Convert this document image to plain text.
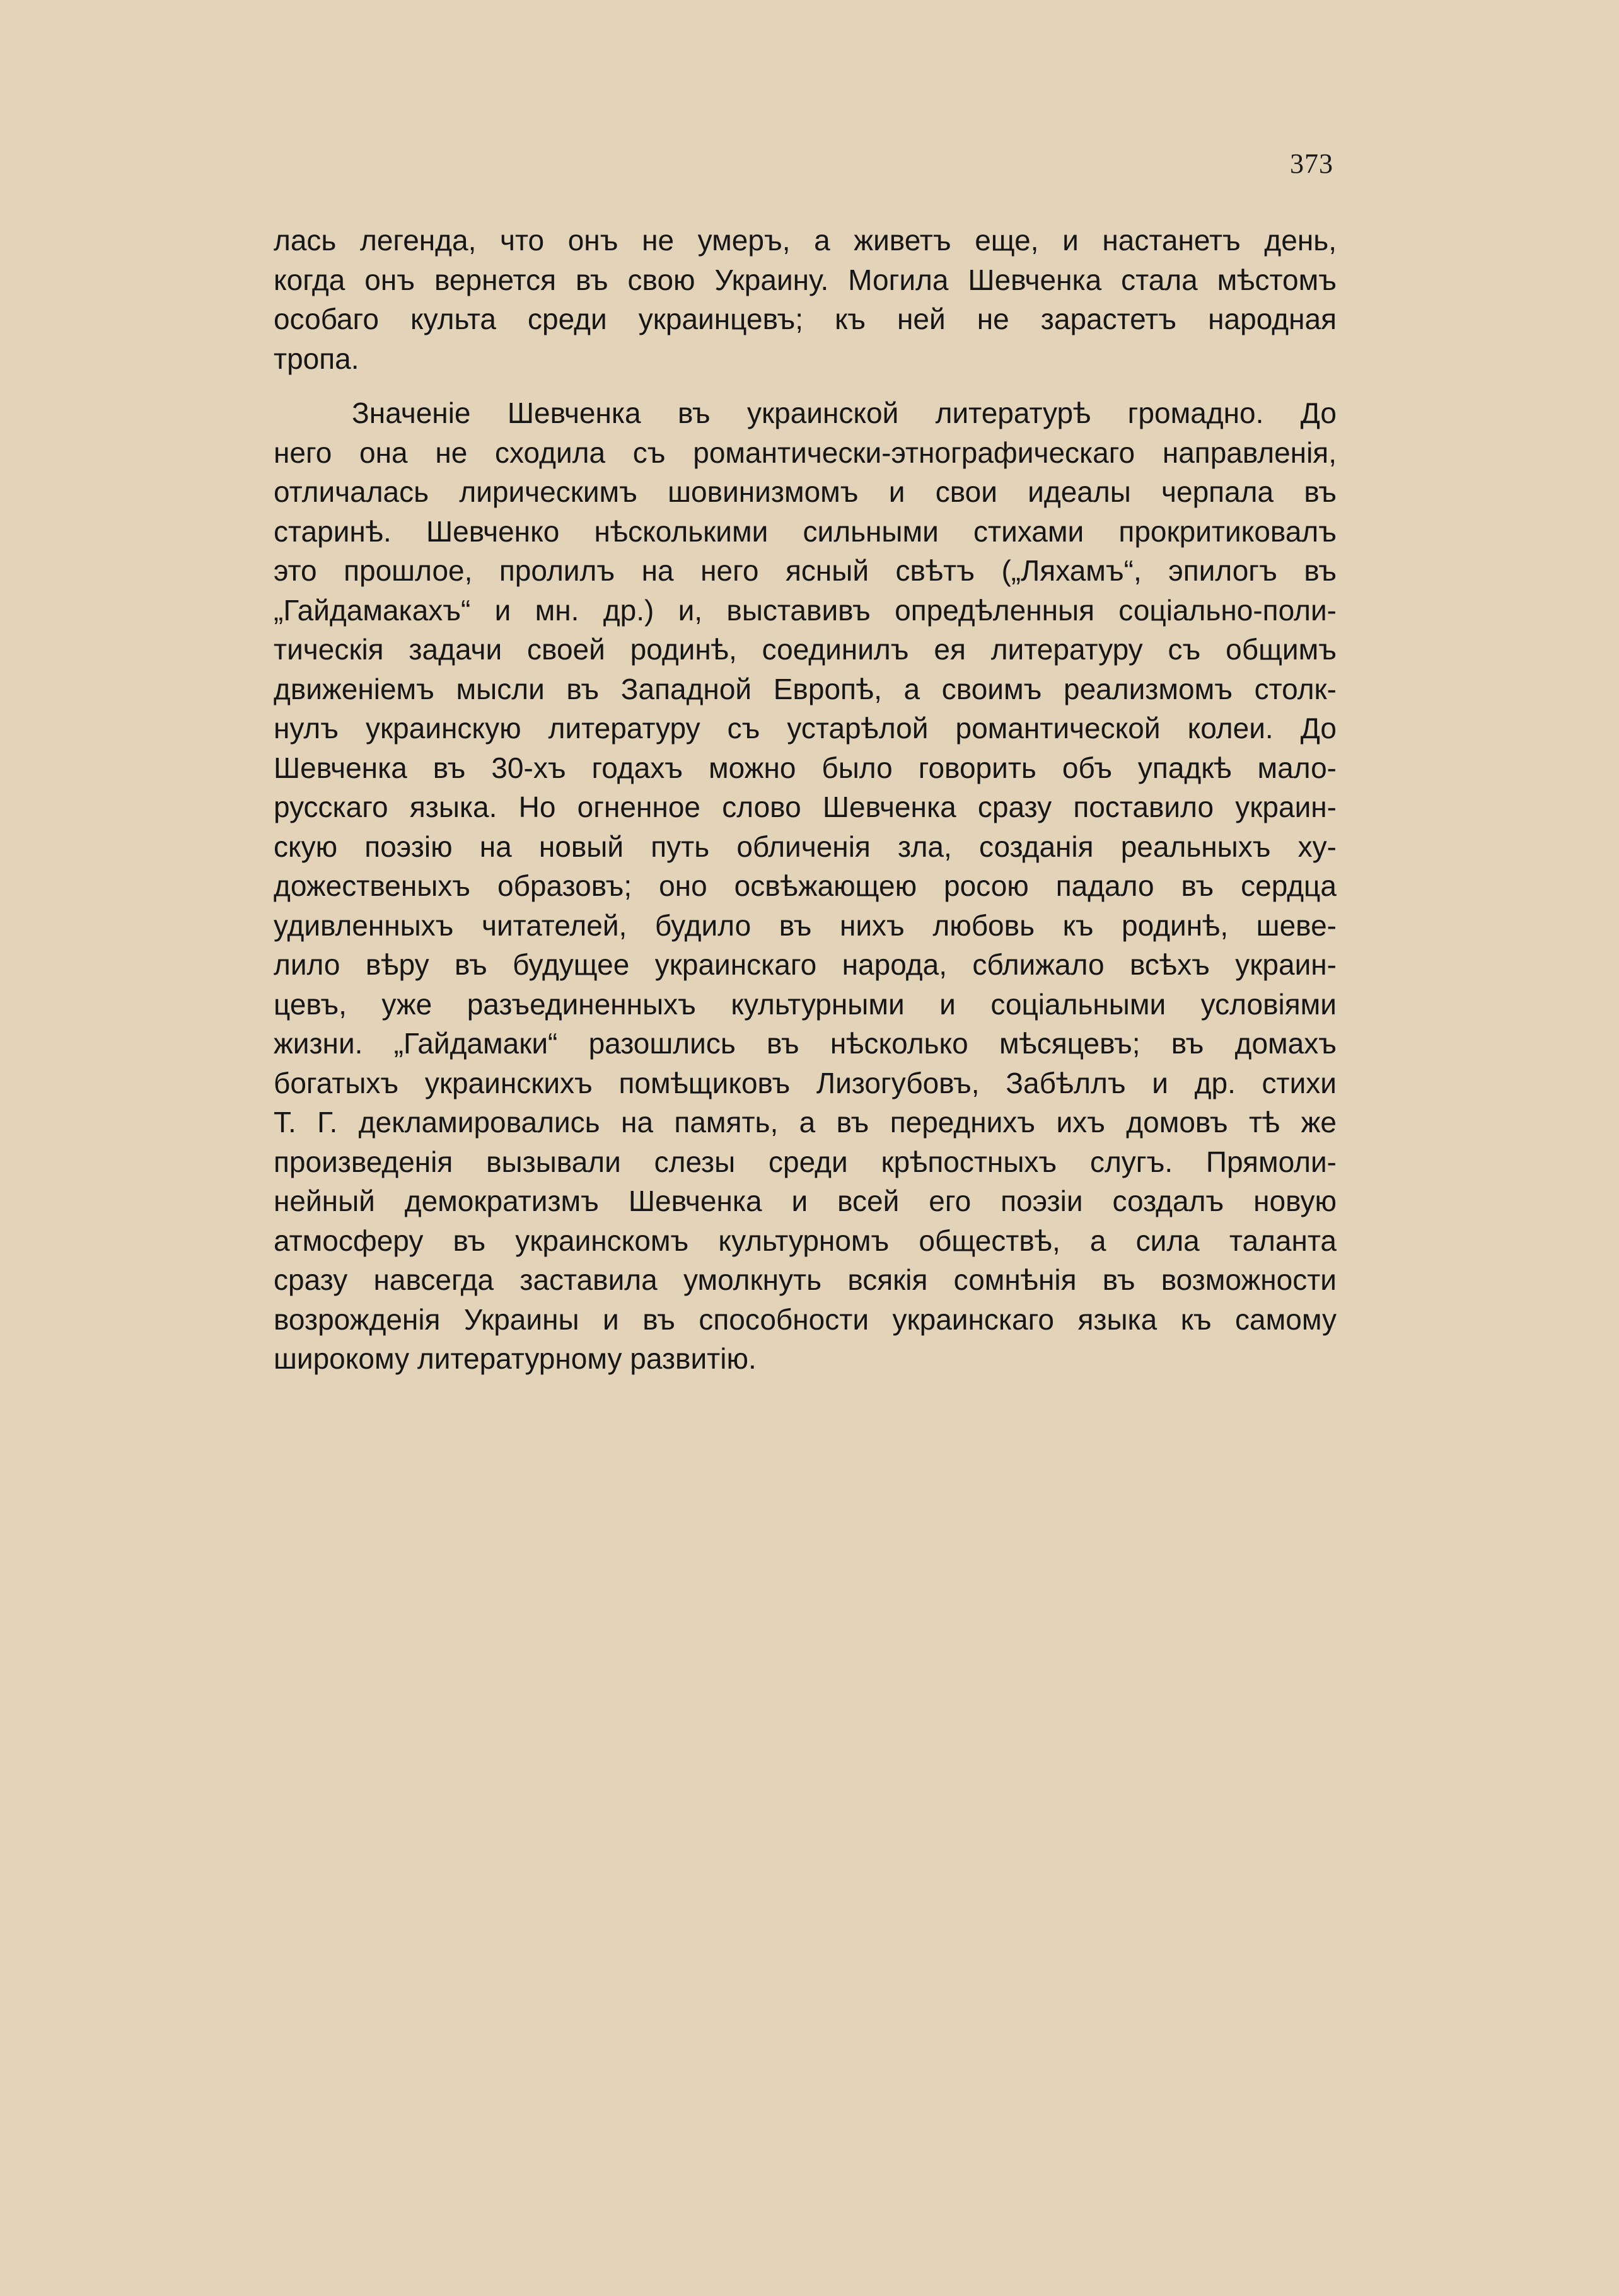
373
лась легенда, что онъ не умеръ, а живетъ еще, и настанетъ день,
когда онъ вернется въ свою Украину. Могила Шевченка стала мѣстомъ
особаго культа среди украинцевъ; къ ней не зарастетъ народная
тропа.
Значеніе Шевченка въ украинской литературѣ громадно. До
него она не сходила съ романтически-этнографическаго направленія,
отличалась лирическимъ шовинизмомъ и свои идеалы черпала въ
старинѣ. Шевченко нѣсколькими сильными стихами прокритиковалъ
это прошлое, пролилъ на него ясный свѣтъ („Ляхамъ“, эпилогъ въ
„Гайдамакахъ“ и мн. др.) и, выставивъ опредѣленныя соціально-поли-
тическія задачи своей родинѣ, соединилъ ея литературу съ общимъ
движеніемъ мысли въ Западной Европѣ, а своимъ реализмомъ столк-
нулъ украинскую литературу съ устарѣлой романтической колеи. До
Шевченка въ 30-хъ годахъ можно было говорить объ упадкѣ мало-
русскаго языка. Но огненное слово Шевченка сразу поставило украин-
скую поэзію на новый путь обличенія зла, созданія реальныхъ ху-
дожественыхъ образовъ; оно освѣжающею росою падало въ сердца
удивленныхъ читателей, будило въ нихъ любовь къ родинѣ, шеве-
лило вѣру въ будущее украинскаго народа, сближало всѣхъ украин-
цевъ, уже разъединенныхъ культурными и соціальными условіями
жизни. „Гайдамаки“ разошлись въ нѣсколько мѣсяцевъ; въ домахъ
богатыхъ украинскихъ помѣщиковъ Лизогубовъ, Забѣллъ и др. стихи
Т. Г. декламировались на память, а въ переднихъ ихъ домовъ тѣ же
произведенія вызывали слезы среди крѣпостныхъ слугъ. Прямоли-
нейный демократизмъ Шевченка и всей его поэзіи создалъ новую
атмосферу въ украинскомъ культурномъ обществѣ, а сила таланта
сразу навсегда заставила умолкнуть всякія сомнѣнія въ возможности
возрожденія Украины и въ способности украинскаго языка къ самому
широкому литературному развитію.
